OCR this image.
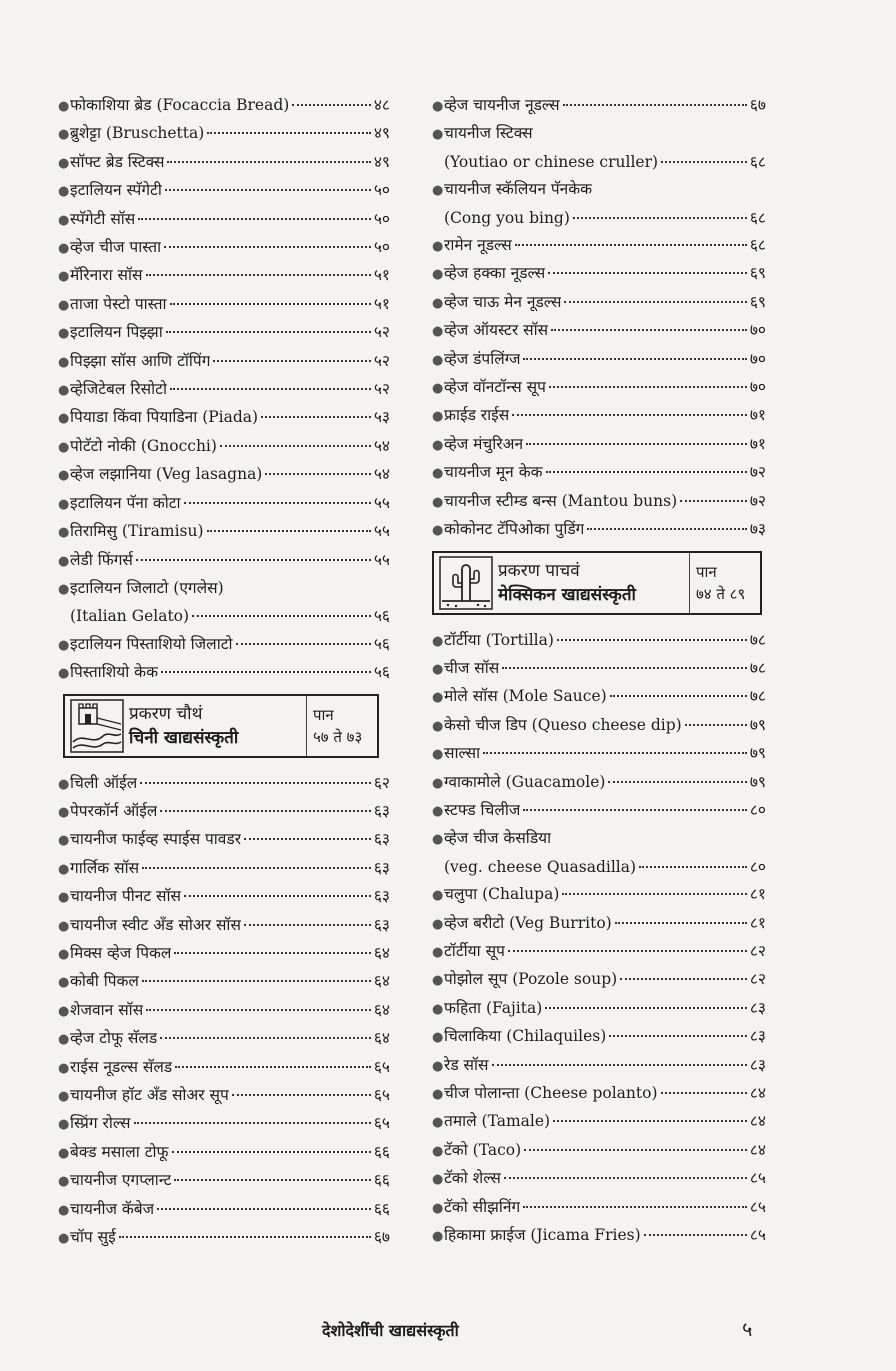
● फोकाशिया ब्रेड (Focaccia Bread)	४८
● ब्रुशेट्टा (Bruschetta)	४९
● सॉफ्ट ब्रेड स्टिक्स	४९
● इटालियन स्पॅगेटी	५०
● स्पॅगेटी सॉस	५०
● व्हेज चीज पास्ता	५०
● मॅरिनारा सॉस	५१
● ताजा पेस्टो पास्ता	५१
● इटालियन पिझ्झा	५२
● पिझ्झा सॉस आणि टॉपिंग	५२
● व्हेजिटेबल रिसोटो	५२
● पियाडा किंवा पियाडिना (Piada)	५३
● पोटॅटो नोकी (Gnocchi)	५४
● व्हेज लझानिया (Veg lasagna)	५४
● इटालियन पॅना कोटा	५५
● तिरामिसु (Tiramisu)	५५
● लेडी फिंगर्स	५५
● इटालियन जिलाटो (एगलेस)
(Italian Gelato)	५६
● इटालियन पिस्ताशियो जिलाटो	५६
● पिस्ताशियो केक	५६
प्रकरण चौथं
चिनी खाद्यसंस्कृती
पान
५७ ते ७३
● चिली ऑईल	६२
● पेपरकॉर्न ऑईल	६३
● चायनीज फाईव्ह स्पाईस पावडर	६३
● गार्लिक सॉस	६३
● चायनीज पीनट सॉस	६३
● चायनीज स्वीट अँड सोअर सॉस	६३
● मिक्स व्हेज पिकल	६४
● कोबी पिकल	६४
● शेजवान सॉस	६४
● व्हेज टोफू सॅलड	६४
● राईस नूडल्स सॅलड	६५
● चायनीज हॉट अँड सोअर सूप	६५
● स्प्रिंग रोल्स	६५
● बेक्ड मसाला टोफू	६६
● चायनीज एगप्लान्ट	६६
● चायनीज कॅबेज	६६
● चॉप सुई	६७
● व्हेज चायनीज नूडल्स	६७
● चायनीज स्टिक्स
(Youtiao or chinese cruller)	६८
● चायनीज स्कॅलियन पॅनकेक
(Cong you bing)	६८
● रामेन नूडल्स	६८
● व्हेज हक्का नूडल्स	६९
● व्हेज चाऊ मेन नूडल्स	६९
● व्हेज ऑयस्टर सॉस	७०
● व्हेज डंपलिंग्ज	७०
● व्हेज वॉनटॉन्स सूप	७०
● फ्राईड राईस	७१
● व्हेज मंचुरिअन	७१
● चायनीज मून केक	७२
● चायनीज स्टीम्ड बन्स (Mantou buns)	७२
● कोकोनट टॅपिओका पुडिंग	७३
प्रकरण पाचवं
मेक्सिकन खाद्यसंस्कृती
पान
७४ ते ८९
● टॉर्टीया (Tortilla)	७८
● चीज सॉस	७८
● मोले सॉस (Mole Sauce)	७८
● केसो चीज डिप (Queso cheese dip)	७९
● साल्सा	७९
● ग्वाकामोले (Guacamole)	७९
● स्टफ्ड चिलीज	८०
● व्हेज चीज केसडिया
(veg. cheese Quasadilla)	८०
● चलुपा (Chalupa)	८१
● व्हेज बरीटो (Veg Burrito)	८१
● टॉर्टीया सूप	८२
● पोझोल सूप (Pozole soup)	८२
● फहिता (Fajita)	८३
● चिलाकिया (Chilaquiles)	८३
● रेड सॉस	८३
● चीज पोलान्ता (Cheese polanto)	८४
● तमाले (Tamale)	८४
● टॅको (Taco)	८४
● टॅको शेल्स	८५
● टॅको सीझनिंग	८५
● हिकामा फ्राईज (Jicama Fries)	८५
देशोदेशींची खाद्यसंस्कृती	५
